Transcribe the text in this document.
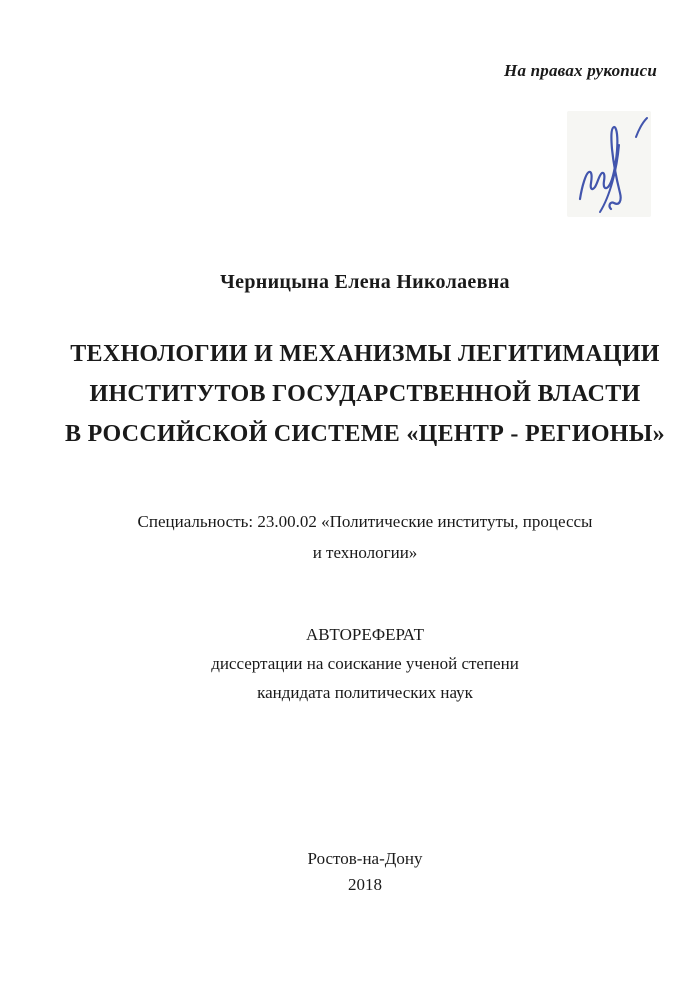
На правах рукописи
Черницына Елена Николаевна
ТЕХНОЛОГИИ И МЕХАНИЗМЫ ЛЕГИТИМАЦИИ
ИНСТИТУТОВ ГОСУДАРСТВЕННОЙ ВЛАСТИ
В РОССИЙСКОЙ СИСТЕМЕ «ЦЕНТР - РЕГИОНЫ»
Специальность: 23.00.02 «Политические институты, процессы
и технологии»
АВТОРЕФЕРАТ
диссертации на соискание ученой степени
кандидата политических наук
Ростов-на-Дону
2018
